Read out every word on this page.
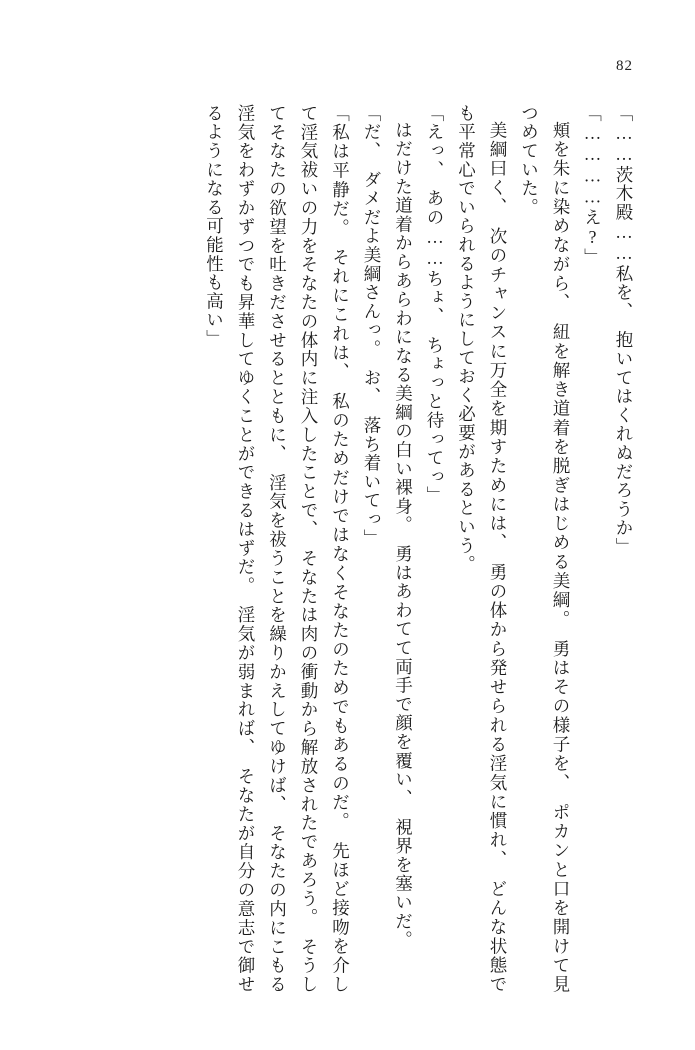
82

「……茨木殿……私を、　抱いてはくれぬだろうか」

「…………え?」

頬を朱に染めながら、　紐を解き道着を脱ぎはじめる美綱。　勇はその様子を、　ポカンと口を開けて見つめていた。

美綱曰く、　次のチャンスに万全を期すためには、　勇の体から発せられる淫気に慣れ、　どんな状態でも平常心でいられるようにしておく必要があるという。

「えっ、　あの……ちょ、　ちょっと待ってっ」

はだけた道着からあらわになる美綱の白い裸身。　勇はあわてて両手で顔を覆い、　視界を塞いだ。

「だ、　ダメだよ美綱さんっ。　お、　落ち着いてっ」

「私は平静だ。　それにこれは、　私のためだけではなくそなたのためでもあるのだ。　先ほど接吻を介して淫気祓いの力をそなたの体内に注入したことで、　そなたは肉の衝動から解放されたであろう。　そうしてそなたの欲望を吐きださせるとともに、　淫気を祓うことを繰りかえしてゆけば、　そなたの内にこもる淫気をわずかずつでも昇華してゆくことができるはずだ。　淫気が弱まれば、　そなたが自分の意志で御せるようになる可能性も高い」
